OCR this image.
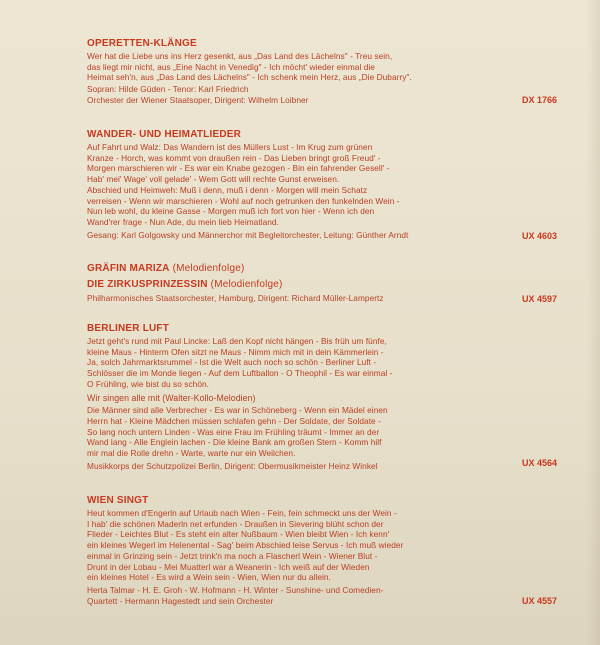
OPERETTEN-KLÄNGE
Wer hat die Liebe uns ins Herz gesenkt, aus „Das Land des Lächelns" - Treu sein,
das liegt mir nicht, aus „Eine Nacht in Venedig" - Ich möcht' wieder einmal die
Heimat seh'n, aus „Das Land des Lächelns" - Ich schenk mein Herz, aus „Die Dubarry".
Sopran: Hilde Güden - Tenor: Karl Friedrich
Orchester der Wiener Staatsoper, Dirigent: Wilhelm Loibner	DX 1766
WANDER- UND HEIMATLIEDER
Auf Fahrt und Walz: Das Wandern ist des Müllers Lust - Im Krug zum grünen
Kranze - Horch, was kommt von draußen rein - Das Lieben bringt groß Freud' -
Morgen marschieren wir - Es war ein Knabe gezogen - Bin ein fahrender Gesell' -
Hab' mei' Wage' voll gelade' - Wem Gott will rechte Gunst erweisen.
Abschied und Heimweh: Muß i denn, muß i denn - Morgen will mein Schatz
verreisen - Wenn wir marschieren - Wohl auf noch getrunken den funkelnden Wein -
Nun leb wohl, du kleine Gasse - Morgen muß ich fort von hier - Wenn ich den
Wand'rer frage - Nun Ade, du mein lieb Heimatland.
Gesang: Karl Golgowsky und Männerchor mit Begleitorchester, Leitung: Günther Arndt	UX 4603
GRÄFIN MARIZA (Melodienfolge)
DIE ZIRKUSPRINZESSIN (Melodienfolge)
Philharmonisches Staatsorchester, Hamburg, Dirigent: Richard Müller-Lampertz	UX 4597
BERLINER LUFT
Jetzt geht's rund mit Paul Lincke: Laß den Kopf nicht hängen - Bis früh um fünfe,
kleine Maus - Hinterm Ofen sitzt ne Maus - Nimm mich mit in dein Kämmerlein -
Ja, solch Jahrmarktsrummel - Ist die Welt auch noch so schön - Berliner Luft -
Schlösser die im Monde liegen - Auf dem Luftballon - O Theophil - Es war einmal -
O Frühling, wie bist du so schön.
Wir singen alle mit (Walter-Kollo-Melodien)
Die Männer sind alle Verbrecher - Es war in Schöneberg - Wenn ein Mädel einen
Herrn hat - Kleine Mädchen müssen schlafen gehn - Der Soldate, der Soldate -
So lang noch untern Linden - Was eine Frau im Frühling träumt - Immer an der
Wand lang - Alle Englein lachen - Die kleine Bank am großen Stern - Komm hilf
mir mal die Rolle drehn - Warte, warte nur ein Weilchen.
Musikkorps der Schutzpolizei Berlin, Dirigent: Obermusikmeister Heinz Winkel	UX 4564
WIEN SINGT
Heut kommen d'Engerln auf Urlaub nach Wien - Fein, fein schmeckt uns der Wein -
I hab' die schönen Maderln net erfunden - Draußen in Sievering blüht schon der
Flieder - Leichtes Blut - Es steht ein alter Nußbaum - Wien bleibt Wien - Ich kenn'
ein kleines Wegerl im Helenental - Sag' beim Abschied leise Servus - Ich muß wieder
einmal in Grinzing sein - Jetzt trink'n ma noch a Flascherl Wein - Wiener Blut -
Drunt in der Lobau - Mei Muatterl war a Weanerin - Ich weiß auf der Wieden
ein kleines Hotel - Es wird a Wein sein - Wien, Wien nur du allein.
Herta Talmar - H. E. Groh - W. Hofmann - H. Winter - Sunshine- und Comedien-
Quartett - Hermann Hagestedt und sein Orchester	UX 4557
